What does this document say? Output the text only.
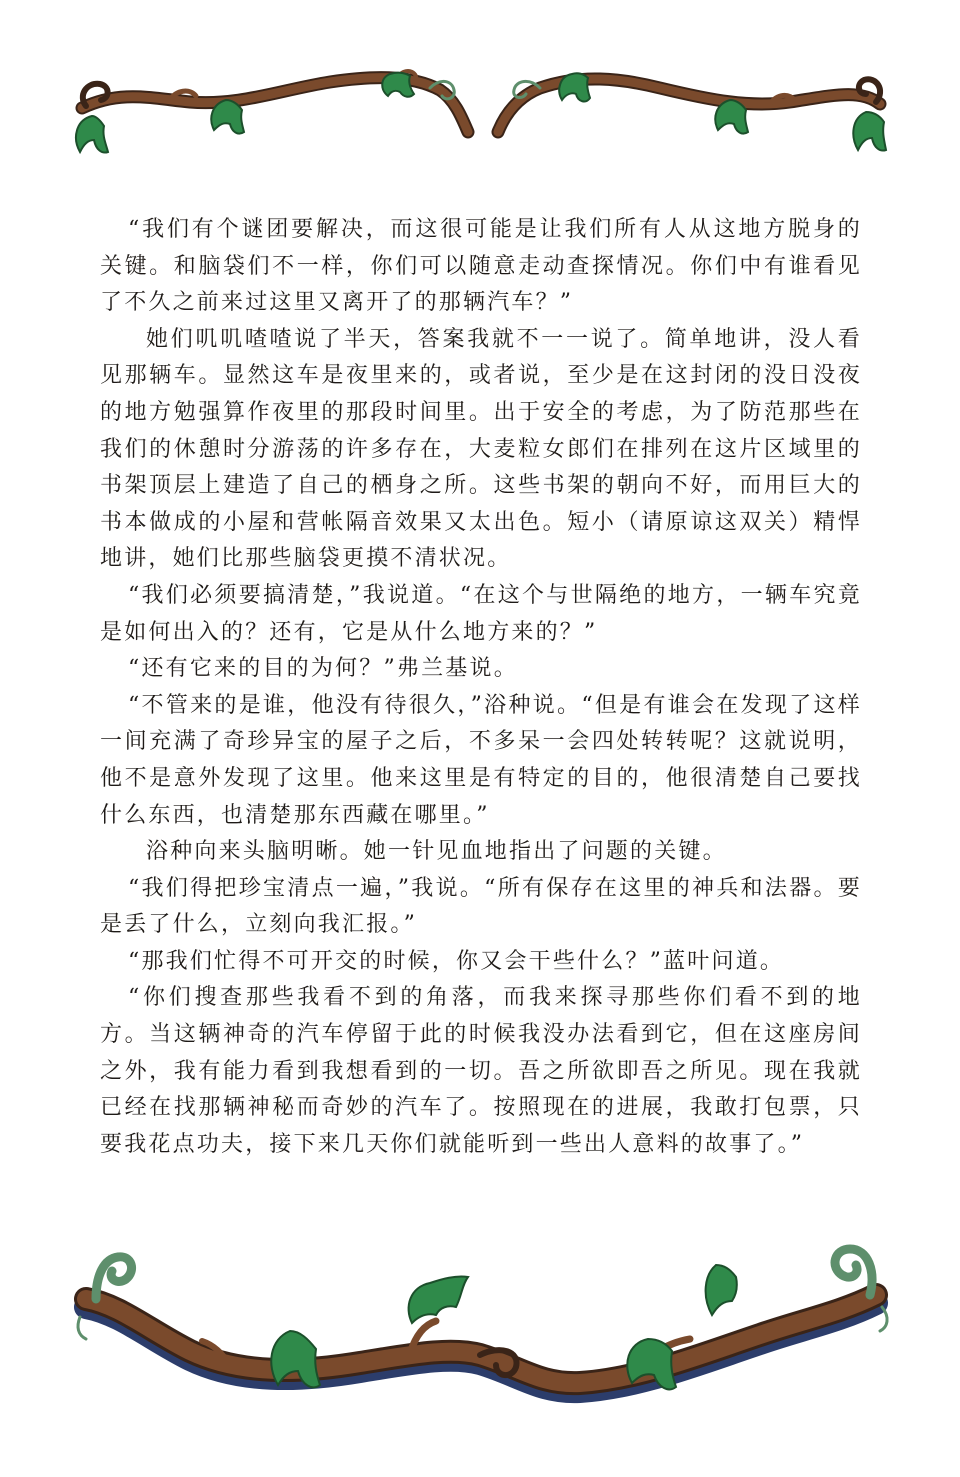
“我们有个谜团要解决，而这很可能是让我们所有人从这地方脱身的关键。和脑袋们不一样，你们可以随意走动查探情况。你们中有谁看见了不久之前来过这里又离开了的那辆汽车？”

她们叽叽喳喳说了半天，答案我就不一一说了。简单地讲，没人看见那辆车。显然这车是夜里来的，或者说，至少是在这封闭的没日没夜的地方勉强算作夜里的那段时间里。出于安全的考虑，为了防范那些在我们的休憩时分游荡的许多存在，大麦粒女郎们在排列在这片区域里的书架顶层上建造了自己的栖身之所。这些书架的朝向不好，而用巨大的书本做成的小屋和营帐隔音效果又太出色。短小（请原谅这双关）精悍地讲，她们比那些脑袋更摸不清状况。

“我们必须要搞清楚，”我说道。“在这个与世隔绝的地方，一辆车究竟是如何出入的？还有，它是从什么地方来的？”

“还有它来的目的为何？”弗兰基说。

“不管来的是谁，他没有待很久，”浴种说。“但是有谁会在发现了这样一间充满了奇珍异宝的屋子之后，不多呆一会四处转转呢？这就说明，他不是意外发现了这里。他来这里是有特定的目的，他很清楚自己要找什么东西，也清楚那东西藏在哪里。”

浴种向来头脑明晰。她一针见血地指出了问题的关键。

“我们得把珍宝清点一遍，”我说。“所有保存在这里的神兵和法器。要是丢了什么，立刻向我汇报。”

“那我们忙得不可开交的时候，你又会干些什么？”蓝叶问道。

“你们搜查那些我看不到的角落，而我来探寻那些你们看不到的地方。当这辆神奇的汽车停留于此的时候我没办法看到它，但在这座房间之外，我有能力看到我想看到的一切。吾之所欲即吾之所见。现在我就已经在找那辆神秘而奇妙的汽车了。按照现在的进展，我敢打包票，只要我花点功夫，接下来几天你们就能听到一些出人意料的故事了。”
